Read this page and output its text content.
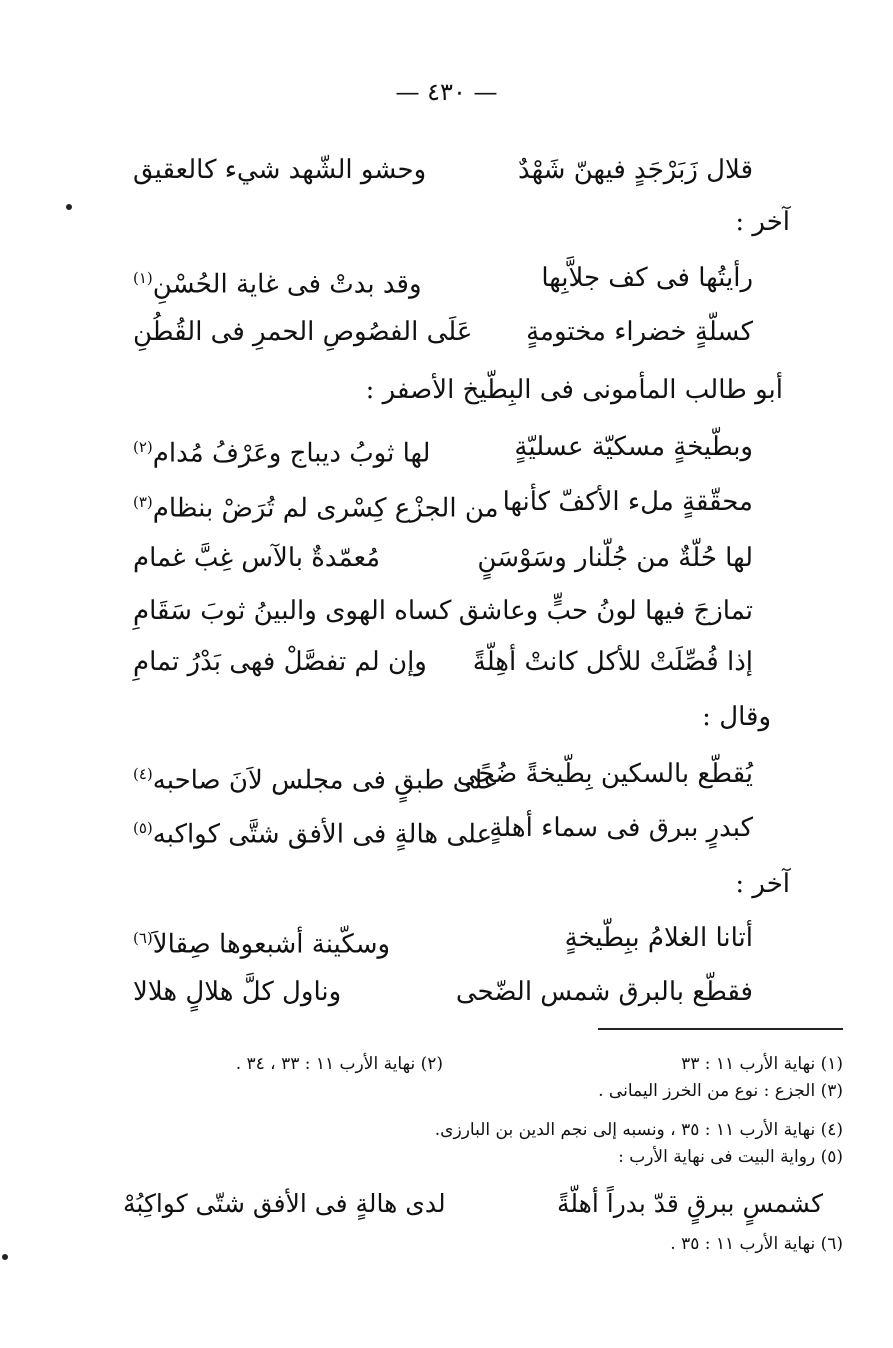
— ٤٣٠ —
قلال زَبَرْجَدٍ فيهنّ شَهْدٌ
وحشو الشّهد شيء كالعقيق
آخر :
رأيتُها فى كف جلاَّبِها
وقد بدتْ فى غاية الحُسْنِ$^{(١)}$
كسلّةٍ خضراء مختومةٍ
عَلَى الفصُوصِ الحمرِ فى القُطُنِ
أبو طالب المأمونى فى البِطّيخ الأصفر :
وبطّيخةٍ مسكيّة عسليّةٍ
لها ثوبُ ديباج وعَرْفُ مُدام$^{(٢)}$
محقّقةٍ ملء الأكفّ كأنها
من الجزْع كِسْرى لم تُرَضْ بنظام$^{(٣)}$
لها حُلّةٌ من جُلّنار وسَوْسَنٍ
مُعمّدةٌ بالآس غِبَّ غمام
تمازجَ فيها لونُ حبٍّ وعاشق
كساه الهوى والبينُ ثوبَ سَقَامِ
إذا فُصِّلَتْ للأكل كانتْ أهِلّةً
وإن لم تفصَّلْ فهى بَدْرُ تمامِ
وقال :
يُقطّع بالسكين بِطّيخةً ضُحًى
على طبقٍ فى مجلس لاَنَ صاحبه$^{(٤)}$
كبدرٍ ببرق فى سماء أهلةٍ
على هالةٍ فى الأفق شتَّى كواكبه$^{(٥)}$
آخر :
أتانا الغلامُ ببِطّيخةٍ
وسكّينة أشبعوها صِقالاَ$^{(٦)}$
فقطّع بالبرق شمس الضّحى
وناول كلَّ هلالٍ هلالا
(١) نهاية الأرب ١١ : ٣٣
(٢) نهاية الأرب ١١ : ٣٣ ، ٣٤ .
(٣) الجزع : نوع من الخرز اليمانى .
(٤) نهاية الأرب ١١ : ٣٥ ، ونسبه إلى نجم الدين بن البارزى.
(٥) رواية البيت فى نهاية الأرب :
كشمسٍ ببرقٍ قدّ بدراً أهلّةً
لدى هالةٍ فى الأفق شتّى كواكِبُهْ
(٦) نهاية الأرب ١١ : ٣٥ .
